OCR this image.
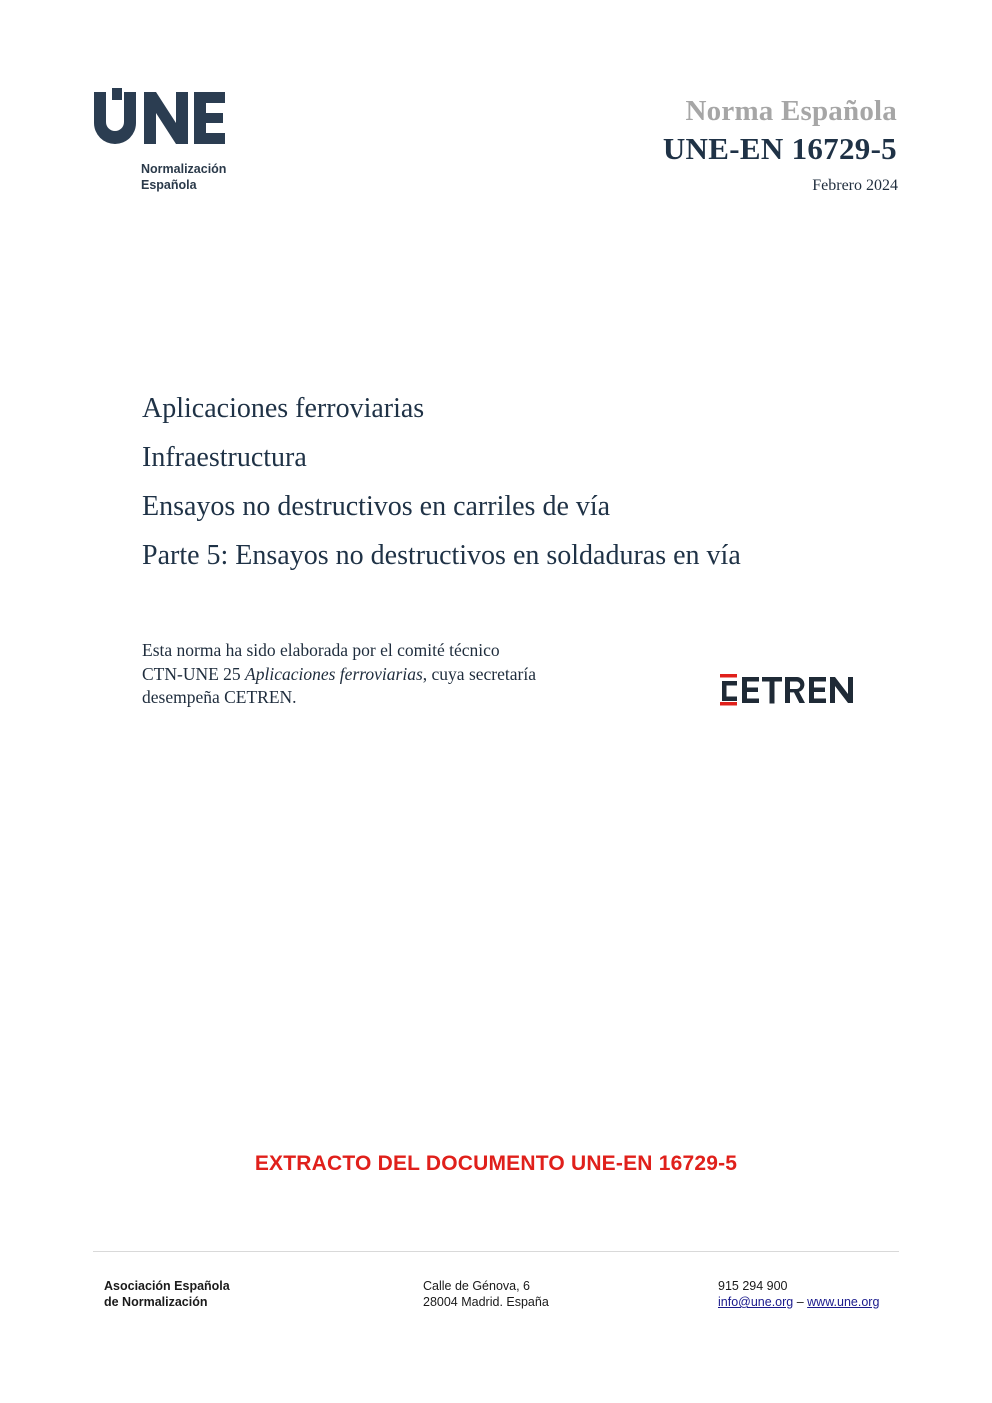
Normalización
Española
Norma Española
UNE-EN 16729-5
Febrero 2024
Aplicaciones ferroviarias
Infraestructura
Ensayos no destructivos en carriles de vía
Parte 5: Ensayos no destructivos en soldaduras en vía
Esta norma ha sido elaborada por el comité técnico
CTN-UNE 25 Aplicaciones ferroviarias, cuya secretaría
desempeña CETREN.
EXTRACTO DEL DOCUMENTO UNE-EN 16729-5
Asociación Española
de Normalización
Calle de Génova, 6
28004 Madrid. España
915 294 900
info@une.org – www.une.org
